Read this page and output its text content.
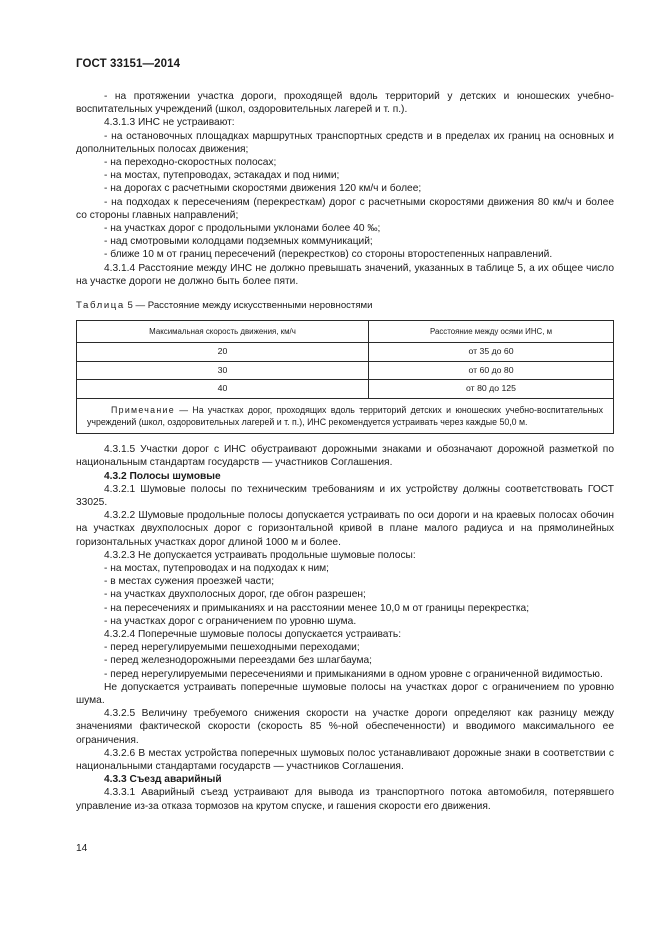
ГОСТ 33151—2014
- на протяжении участка дороги, проходящей вдоль территорий у детских и юношеских учебно-воспитательных учреждений (школ, оздоровительных лагерей и т. п.).
4.3.1.3 ИНС не устраивают:
- на остановочных площадках маршрутных транспортных средств и в пределах их границ на основных и дополнительных полосах движения;
- на переходно-скоростных полосах;
- на мостах, путепроводах, эстакадах и под ними;
- на дорогах с расчетными скоростями движения 120 км/ч и более;
- на подходах к пересечениям (перекресткам) дорог с расчетными скоростями движения 80 км/ч и более со стороны главных направлений;
- на участках дорог с продольными уклонами более 40 ‰;
- над смотровыми колодцами подземных коммуникаций;
- ближе 10 м от границ пересечений (перекрестков) со стороны второстепенных направлений.
4.3.1.4 Расстояние между ИНС не должно превышать значений, указанных в таблице 5, а их общее число на участке дороги не должно быть более пяти.
Таблица 5 — Расстояние между искусственными неровностями
Максимальная скорость движения, км/ч	Расстояние между осями ИНС, м
20	от 35 до 60
30	от 60 до 80
40	от 80 до 125
Примечание — На участках дорог, проходящих вдоль территорий детских и юношеских учебно-воспитательных учреждений (школ, оздоровительных лагерей и т. п.), ИНС рекомендуется устраивать через каждые 50,0 м.	
4.3.1.5 Участки дорог с ИНС обустраивают дорожными знаками и обозначают дорожной разметкой по национальным стандартам государств — участников Соглашения.
4.3.2 Полосы шумовые
4.3.2.1 Шумовые полосы по техническим требованиям и их устройству должны соответствовать ГОСТ 33025.
4.3.2.2 Шумовые продольные полосы допускается устраивать по оси дороги и на краевых полосах обочин на участках двухполосных дорог с горизонтальной кривой в плане малого радиуса и на прямолинейных горизонтальных участках дорог длиной 1000 м и более.
4.3.2.3 Не допускается устраивать продольные шумовые полосы:
- на мостах, путепроводах и на подходах к ним;
- в местах сужения проезжей части;
- на участках двухполосных дорог, где обгон разрешен;
- на пересечениях и примыканиях и на расстоянии менее 10,0 м от границы перекрестка;
- на участках дорог с ограничением по уровню шума.
4.3.2.4 Поперечные шумовые полосы допускается устраивать:
- перед нерегулируемыми пешеходными переходами;
- перед железнодорожными переездами без шлагбаума;
- перед нерегулируемыми пересечениями и примыканиями в одном уровне с ограниченной видимостью.
Не допускается устраивать поперечные шумовые полосы на участках дорог с ограничением по уровню шума.
4.3.2.5 Величину требуемого снижения скорости на участке дороги определяют как разницу между значениями фактической скорости (скорость 85 %-ной обеспеченности) и вводимого максимального ее ограничения.
4.3.2.6 В местах устройства поперечных шумовых полос устанавливают дорожные знаки в соответствии с национальными стандартами государств — участников Соглашения.
4.3.3 Съезд аварийный
4.3.3.1 Аварийный съезд устраивают для вывода из транспортного потока автомобиля, потерявшего управление из-за отказа тормозов на крутом спуске, и гашения скорости его движения.
14
